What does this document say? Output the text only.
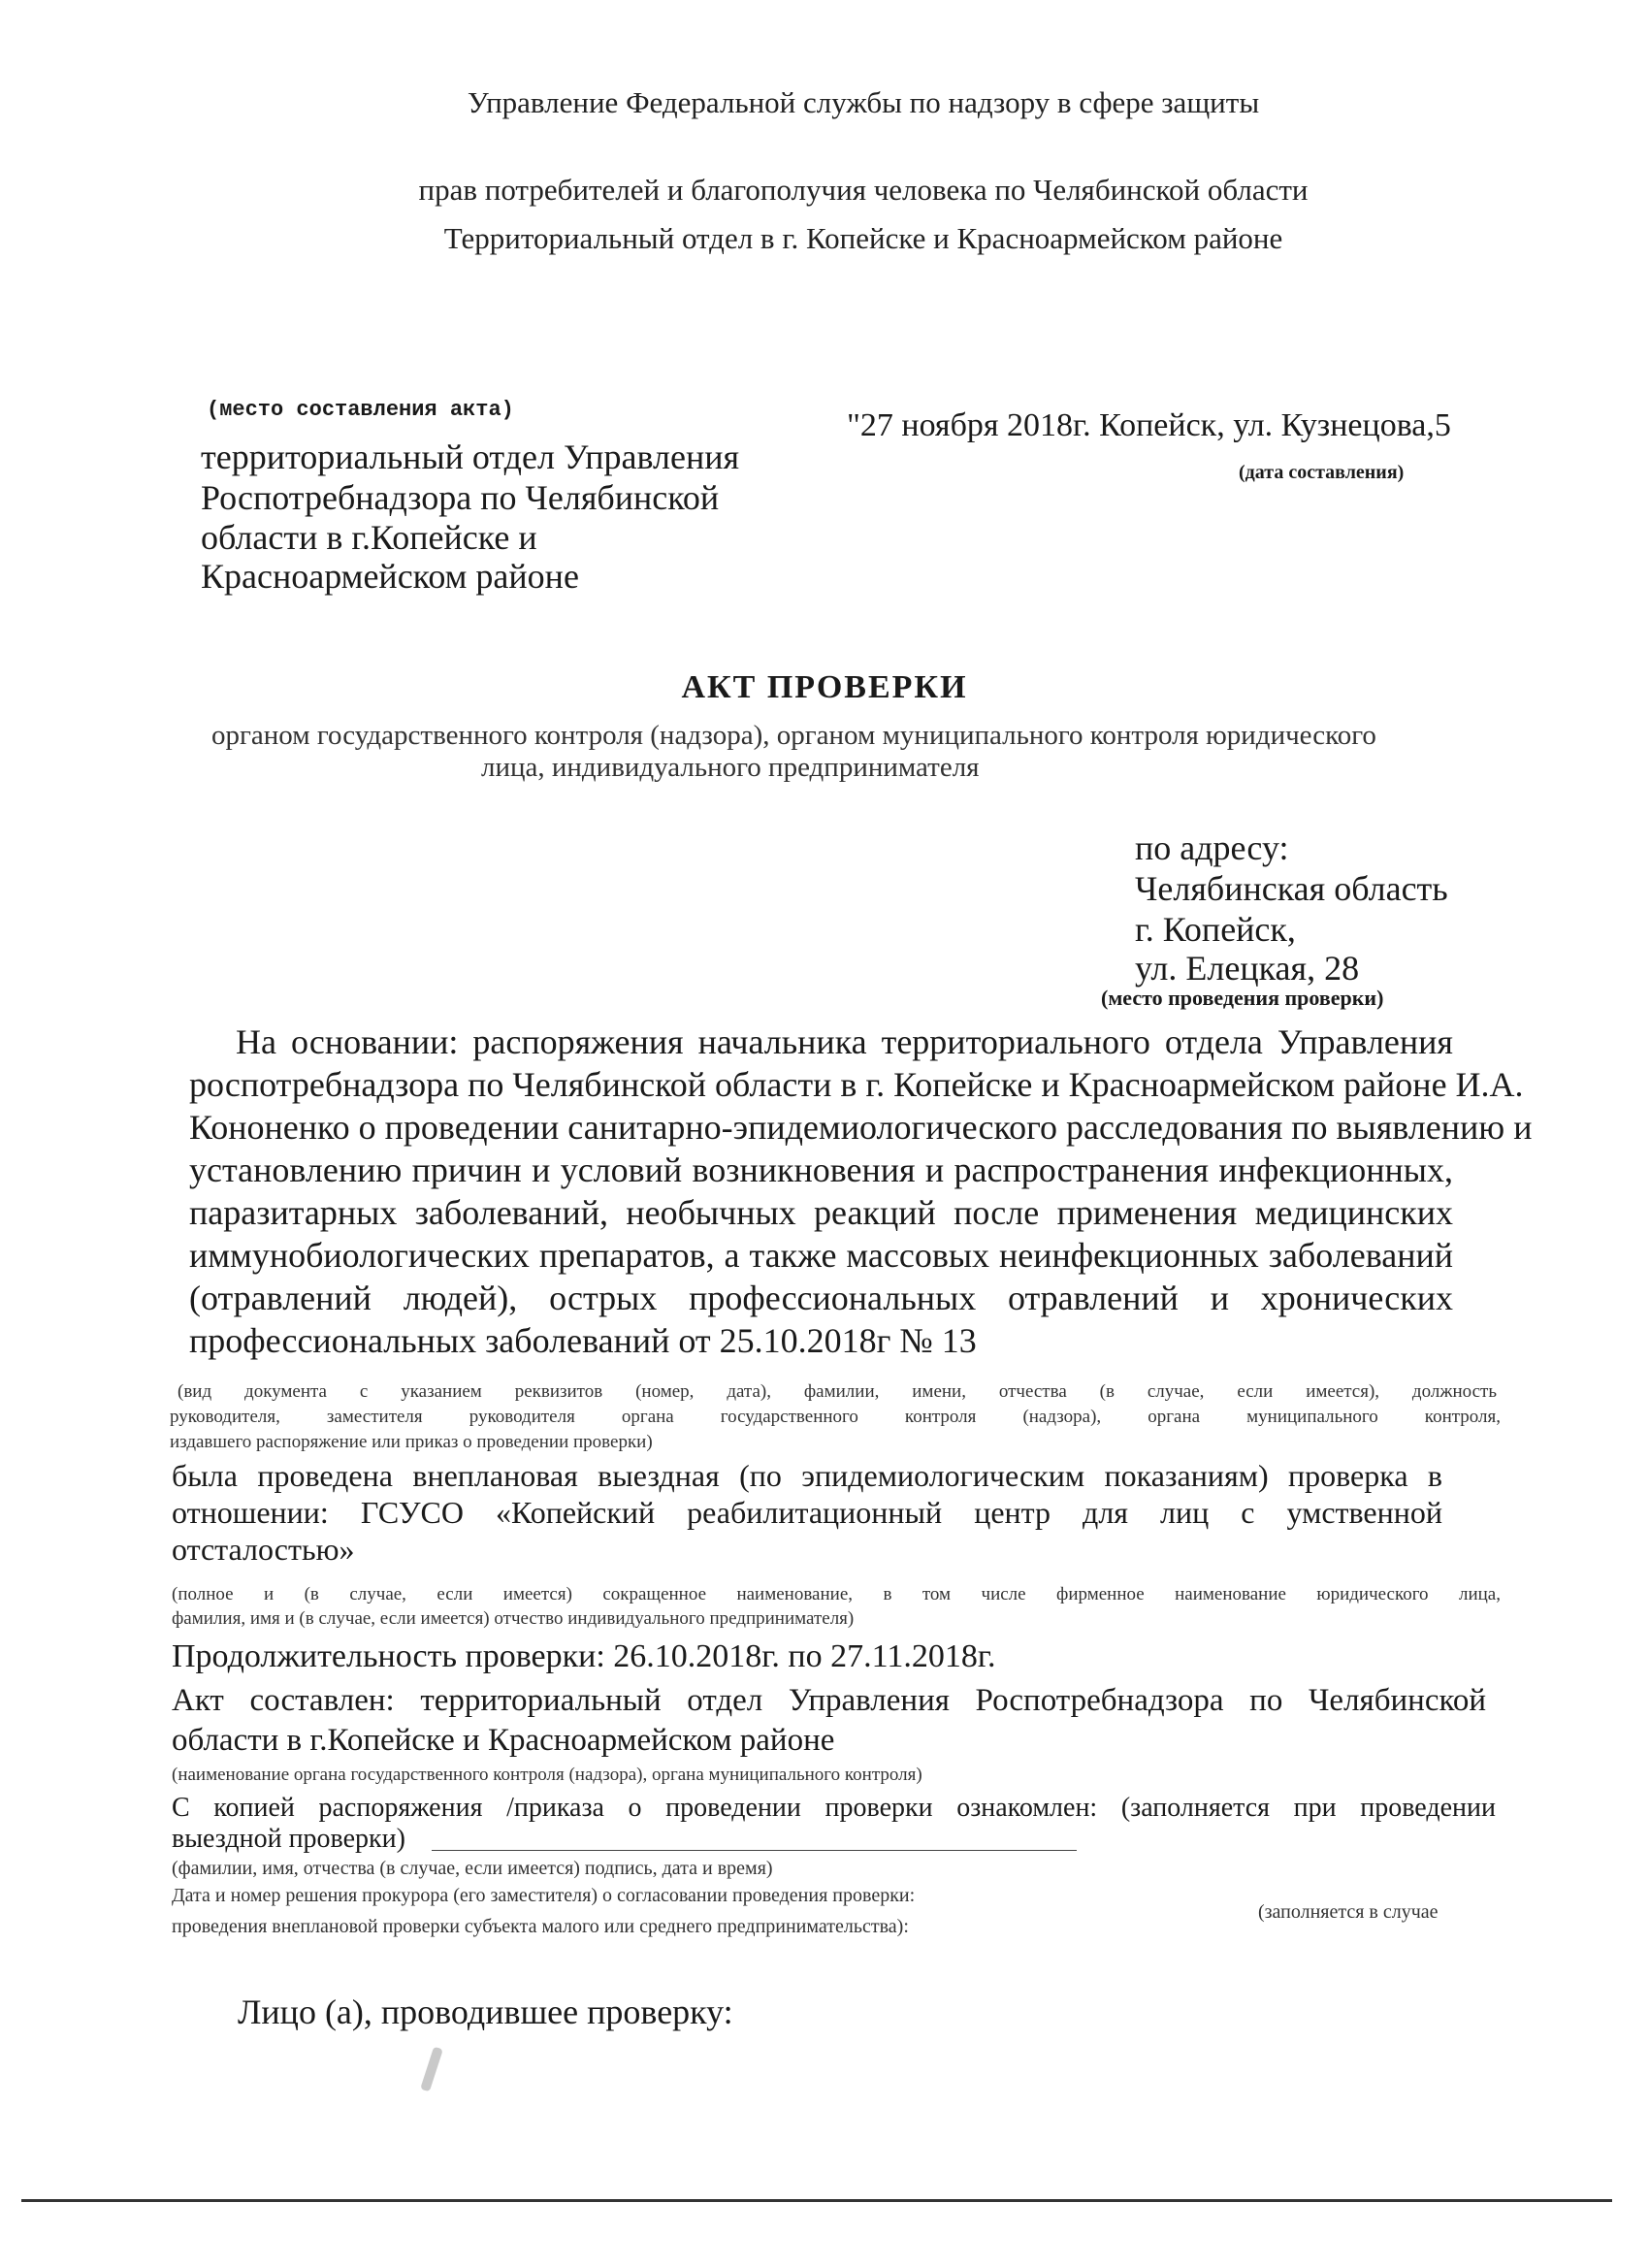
Управление Федеральной службы по надзору в сфере защиты
прав потребителей и благополучия человека по Челябинской области
Территориальный отдел в г. Копейске и Красноармейском районе
(место составления акта)
территориальный отдел Управления
Роспотребнадзора по Челябинской
области в г.Копейске и
Красноармейском районе
"27 ноября 2018г. Копейск, ул. Кузнецова,5
(дата составления)
АКТ ПРОВЕРКИ
органом государственного контроля (надзора), органом муниципального контроля юридического
лица, индивидуального предпринимателя
по адресу:
Челябинская область
г. Копейск,
ул. Елецкая, 28
(место проведения проверки)
На основании: распоряжения начальника территориального отдела Управления
роспотребнадзора по Челябинской области в г. Копейске и Красноармейском районе И.А.
Кононенко о проведении санитарно-эпидемиологического расследования по выявлению и
установлению причин и условий возникновения и распространения инфекционных,
паразитарных заболеваний, необычных реакций после применения медицинских
иммунобиологических препаратов, а также массовых неинфекционных заболеваний
(отравлений людей), острых профессиональных отравлений и хронических
профессиональных заболеваний от 25.10.2018г № 13
(вид документа с указанием реквизитов (номер, дата), фамилии, имени, отчества (в случае, если имеется), должность
руководителя, заместителя руководителя органа государственного контроля (надзора), органа муниципального контроля,
издавшего распоряжение или приказ о проведении проверки)
была проведена внеплановая выездная (по эпидемиологическим показаниям) проверка в
отношении: ГСУСО «Копейский реабилитационный центр для лиц с умственной
отсталостью»
(полное и (в случае, если имеется) сокращенное наименование, в том числе фирменное наименование юридического лица,
фамилия, имя и (в случае, если имеется) отчество индивидуального предпринимателя)
Продолжительность проверки: 26.10.2018г. по 27.11.2018г.
Акт составлен: территориальный отдел Управления Роспотребнадзора по Челябинской
области в г.Копейске и Красноармейском районе
(наименование органа государственного контроля (надзора), органа муниципального контроля)
С копией распоряжения /приказа о проведении проверки ознакомлен: (заполняется при проведении
выездной проверки)
(фамилии, имя, отчества (в случае, если имеется) подпись, дата и время)
Дата и номер решения прокурора (его заместителя) о согласовании проведения проверки:
(заполняется в случае
проведения внеплановой проверки субъекта малого или среднего предпринимательства):
Лицо (а), проводившее проверку:
